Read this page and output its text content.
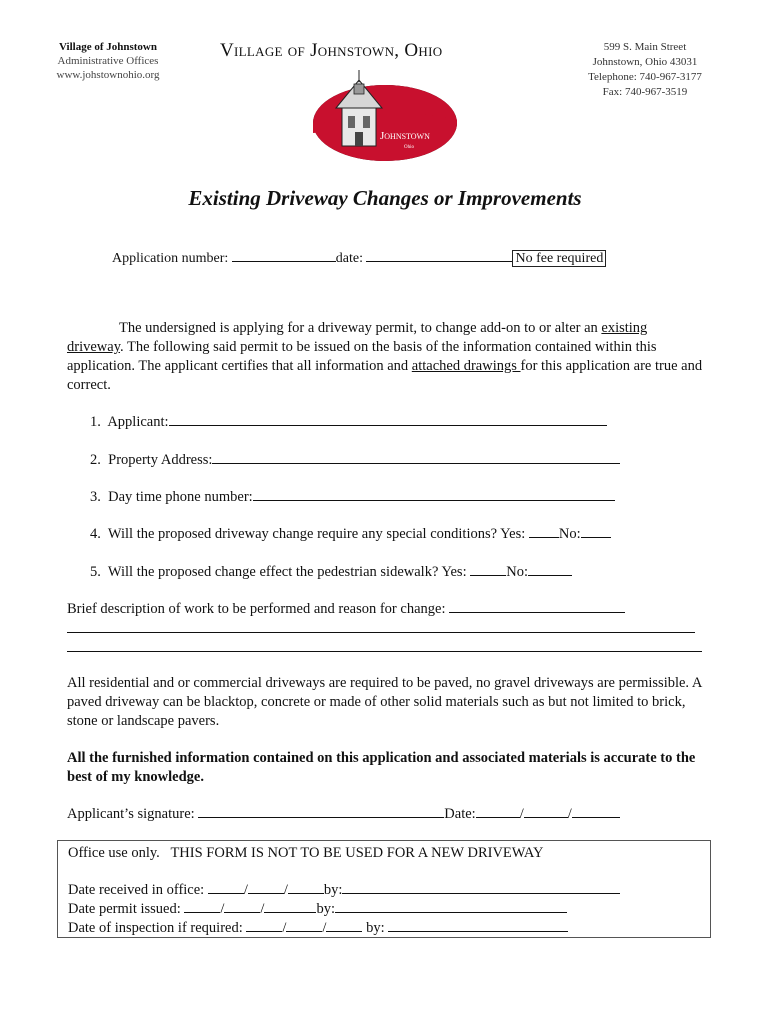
Village of Johnstown
Administrative Offices
www.johstownohio.org
Village of Johnstown, Ohio	599 S. Main Street
Johnstown, Ohio 43031
Telephone: 740-967-3177
Fax: 740-967-3519
Johnstown
Ohio
Existing Driveway Changes or Improvements
Application number:	date:	No fee required
The undersigned is applying for a driveway permit, to change add-on to or alter an existing driveway. The following said permit to be issued on the basis of the information contained within this application. The applicant certifies that all information and attached drawings for this application are true and correct.
1. Applicant:
2. Property Address:
3. Day time phone number:
4. Will the proposed driveway change require any special conditions? Yes: No:
5. Will the proposed change effect the pedestrian sidewalk? Yes: No:
Brief description of work to be performed and reason for change:
All residential and or commercial driveways are required to be paved, no gravel driveways are permissible. A paved driveway can be blacktop, concrete or made of other solid materials such as but not limited to brick, stone or landscape pavers.
All the furnished information contained on this application and associated materials is accurate to the best of my knowledge.
Applicant’s signature:	Date:	/	/
Office use only. THIS FORM IS NOT TO BE USED FOR A NEW DRIVEWAY
Date received in office:	/ / by:
Date permit issued:	/ /	by:
Date of inspection if required:	/ / by:
